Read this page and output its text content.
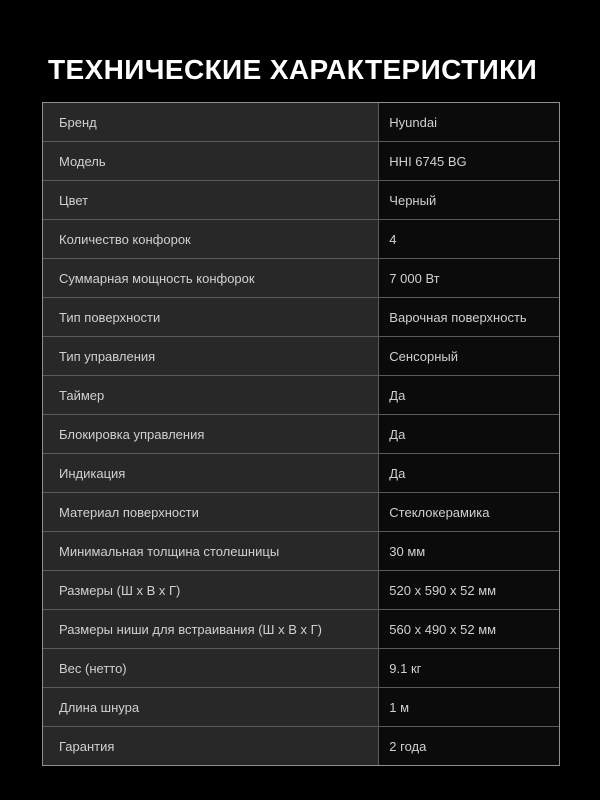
ТЕХНИЧЕСКИЕ ХАРАКТЕРИСТИКИ
Бренд	Hyundai
Модель	HHI 6745 BG
Цвет	Черный
Количество конфорок	4
Суммарная мощность конфорок	7 000 Вт
Тип поверхности	Варочная поверхность
Тип управления	Сенсорный
Таймер	Да
Блокировка управления	Да
Индикация	Да
Материал поверхности	Стеклокерамика
Минимальная толщина столешницы	30 мм
Размеры (Ш х В х Г)	520 х 590 х 52 мм
Размеры ниши для встраивания (Ш х В х Г)	560 х 490 х 52 мм
Вес (нетто)	9.1 кг
Длина шнура	1 м
Гарантия	2 года
